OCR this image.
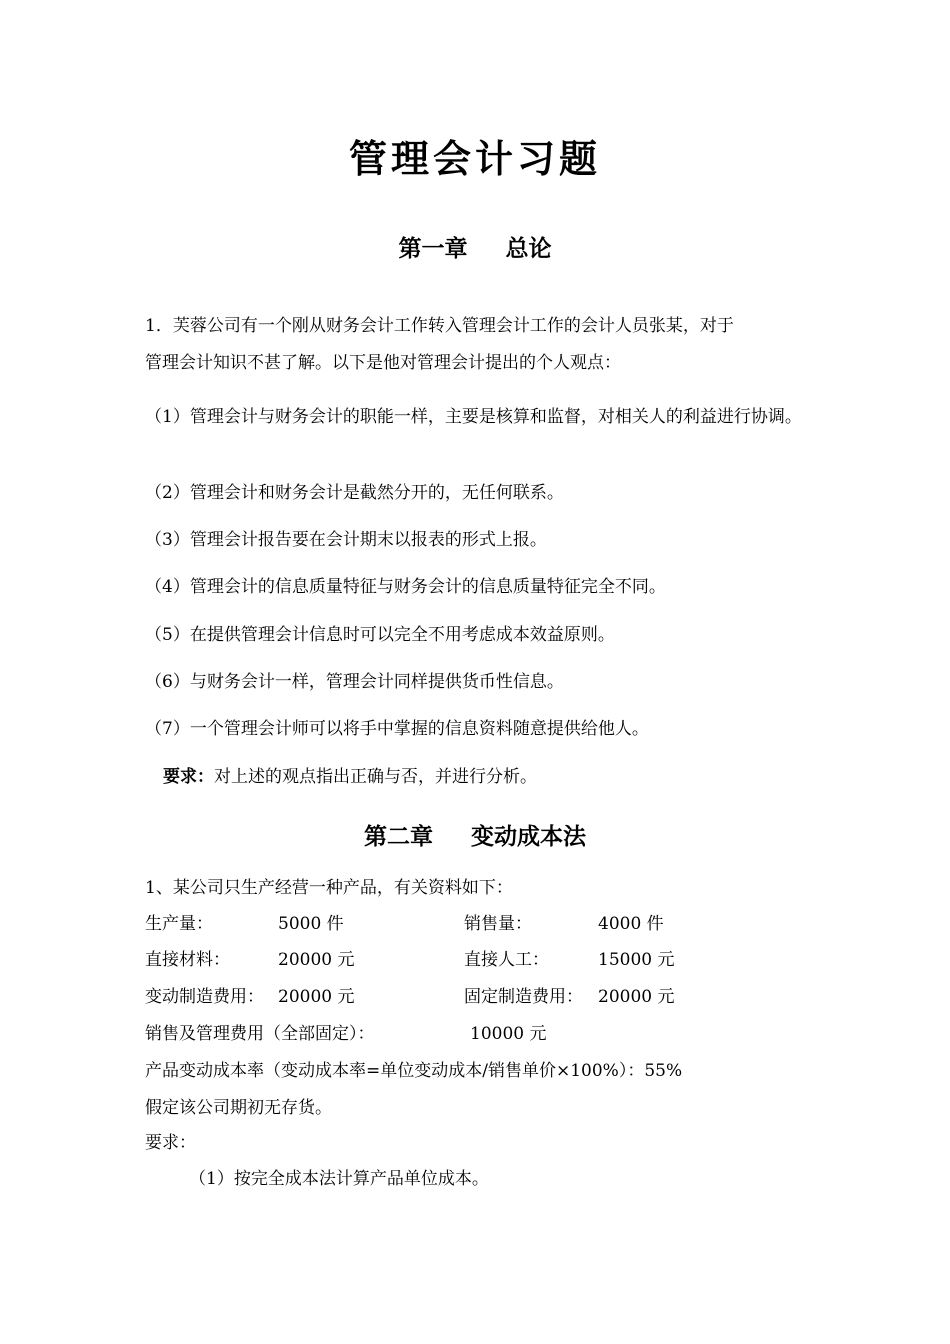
管理会计习题
第一章 总论
1．芙蓉公司有一个刚从财务会计工作转入管理会计工作的会计人员张某，对于
管理会计知识不甚了解。以下是他对管理会计提出的个人观点：
（1）管理会计与财务会计的职能一样，主要是核算和监督，对相关人的利益进行协调。
（2）管理会计和财务会计是截然分开的，无任何联系。
（3）管理会计报告要在会计期末以报表的形式上报。
（4）管理会计的信息质量特征与财务会计的信息质量特征完全不同。
（5）在提供管理会计信息时可以完全不用考虑成本效益原则。
（6）与财务会计一样，管理会计同样提供货币性信息。
（7）一个管理会计师可以将手中掌握的信息资料随意提供给他人。
要求：对上述的观点指出正确与否，并进行分析。
第二章 变动成本法
1、某公司只生产经营一种产品，有关资料如下：
生产量：	5000 件	销售量：	4000 件
直接材料：	20000 元	直接人工：	15000 元
变动制造费用： 20000 元	固定制造费用： 20000 元
销售及管理费用（全部固定）：	10000 元
产品变动成本率（变动成本率=单位变动成本/销售单价×100%）：55%
假定该公司期初无存货。
要求：
（1）按完全成本法计算产品单位成本。
